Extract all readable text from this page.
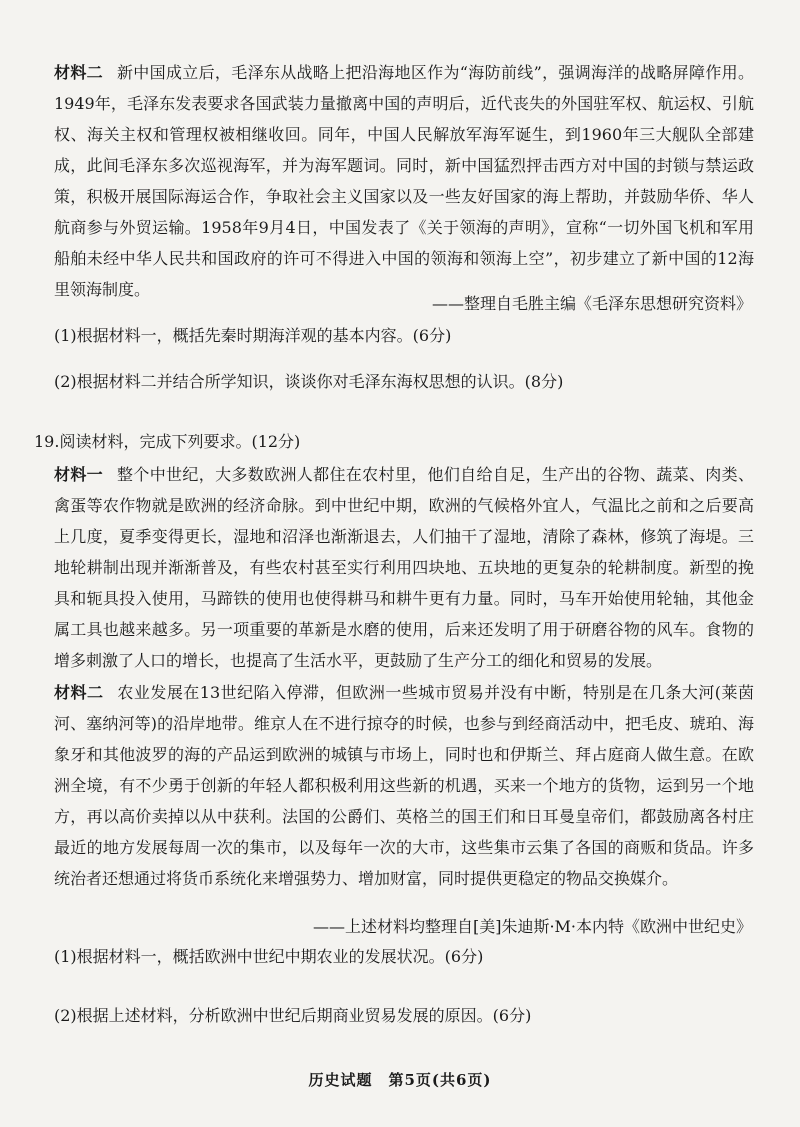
材料二 新中国成立后，毛泽东从战略上把沿海地区作为“海防前线”，强调海洋的战略屏障作用。1949年，毛泽东发表要求各国武装力量撤离中国的声明后，近代丧失的外国驻军权、航运权、引航权、海关主权和管理权被相继收回。同年，中国人民解放军海军诞生，到1960年三大舰队全部建成，此间毛泽东多次巡视海军，并为海军题词。同时，新中国猛烈抨击西方对中国的封锁与禁运政策，积极开展国际海运合作，争取社会主义国家以及一些友好国家的海上帮助，并鼓励华侨、华人航商参与外贸运输。1958年9月4日，中国发表了《关于领海的声明》，宣称“一切外国飞机和军用船舶未经中华人民共和国政府的许可不得进入中国的领海和领海上空”，初步建立了新中国的12海里领海制度。

——整理自毛胜主编《毛泽东思想研究资料》
(1)根据材料一，概括先秦时期海洋观的基本内容。(6分)
(2)根据材料二并结合所学知识，谈谈你对毛泽东海权思想的认识。(8分)
19.阅读材料，完成下列要求。(12分)

材料一 整个中世纪，大多数欧洲人都住在农村里，他们自给自足，生产出的谷物、蔬菜、肉类、禽蛋等农作物就是欧洲的经济命脉。到中世纪中期，欧洲的气候格外宜人，气温比之前和之后要高上几度，夏季变得更长，湿地和沼泽也渐渐退去，人们抽干了湿地，清除了森林，修筑了海堤。三地轮耕制出现并渐渐普及，有些农村甚至实行利用四块地、五块地的更复杂的轮耕制度。新型的挽具和轭具投入使用，马蹄铁的使用也使得耕马和耕牛更有力量。同时，马车开始使用轮轴，其他金属工具也越来越多。另一项重要的革新是水磨的使用，后来还发明了用于研磨谷物的风车。食物的增多刺激了人口的增长，也提高了生活水平，更鼓励了生产分工的细化和贸易的发展。

材料二 农业发展在13世纪陷入停滞，但欧洲一些城市贸易并没有中断，特别是在几条大河(莱茵河、塞纳河等)的沿岸地带。维京人在不进行掠夺的时候，也参与到经商活动中，把毛皮、琥珀、海象牙和其他波罗的海的产品运到欧洲的城镇与市场上，同时也和伊斯兰、拜占庭商人做生意。在欧洲全境，有不少勇于创新的年轻人都积极利用这些新的机遇，买来一个地方的货物，运到另一个地方，再以高价卖掉以从中获利。法国的公爵们、英格兰的国王们和日耳曼皇帝们，都鼓励离各村庄最近的地方发展每周一次的集市，以及每年一次的大市，这些集市云集了各国的商贩和货品。许多统治者还想通过将货币系统化来增强势力、增加财富，同时提供更稳定的物品交换媒介。

——上述材料均整理自[美]朱迪斯·M·本内特《欧洲中世纪史》
(1)根据材料一，概括欧洲中世纪中期农业的发展状况。(6分)
(2)根据上述材料，分析欧洲中世纪后期商业贸易发展的原因。(6分)
历史试题　第5页(共6页)
